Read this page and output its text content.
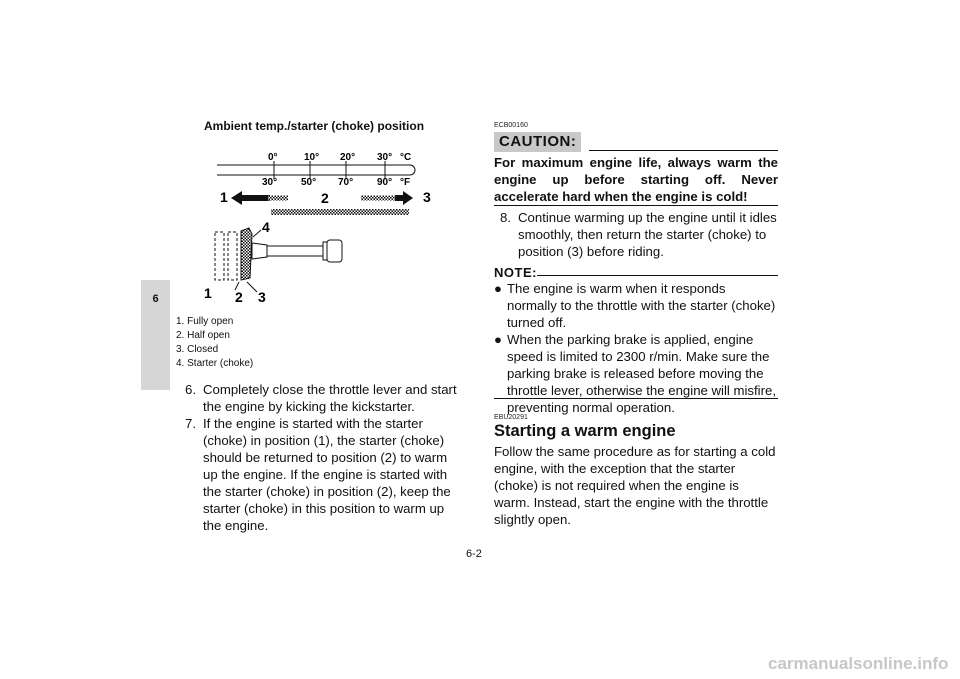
6
Ambient temp./starter (choke) position
0°	10° 20° 30° °C
30° 50° 70° 90° °F
1	2	3
4
1 2 3
1. Fully open
2. Half open
3. Closed
4. Starter (choke)
6. Completely close the throttle lever and start the engine by kicking the kickstarter.
7. If the engine is started with the starter (choke) in position (1), the starter (choke) should be returned to position (2) to warm up the engine. If the engine is started with the starter (choke) in position (2), keep the starter (choke) in this position to warm up the engine.
ECB00160
CAUTION:
For maximum engine life, always warm the engine up before starting off. Never accelerate hard when the engine is cold!
8. Continue warming up the engine until it idles smoothly, then return the starter (choke) to position (3) before riding.
NOTE:
● The engine is warm when it responds normally to the throttle with the starter (choke) turned off.
● When the parking brake is applied, engine speed is limited to 2300 r/min. Make sure the parking brake is released before moving the throttle lever, otherwise the engine will misfire, preventing normal operation.
EBU20291
Starting a warm engine
Follow the same procedure as for starting a cold engine, with the exception that the starter (choke) is not required when the engine is warm. Instead, start the engine with the throttle slightly open.
6-2
carmanualsonline.info
